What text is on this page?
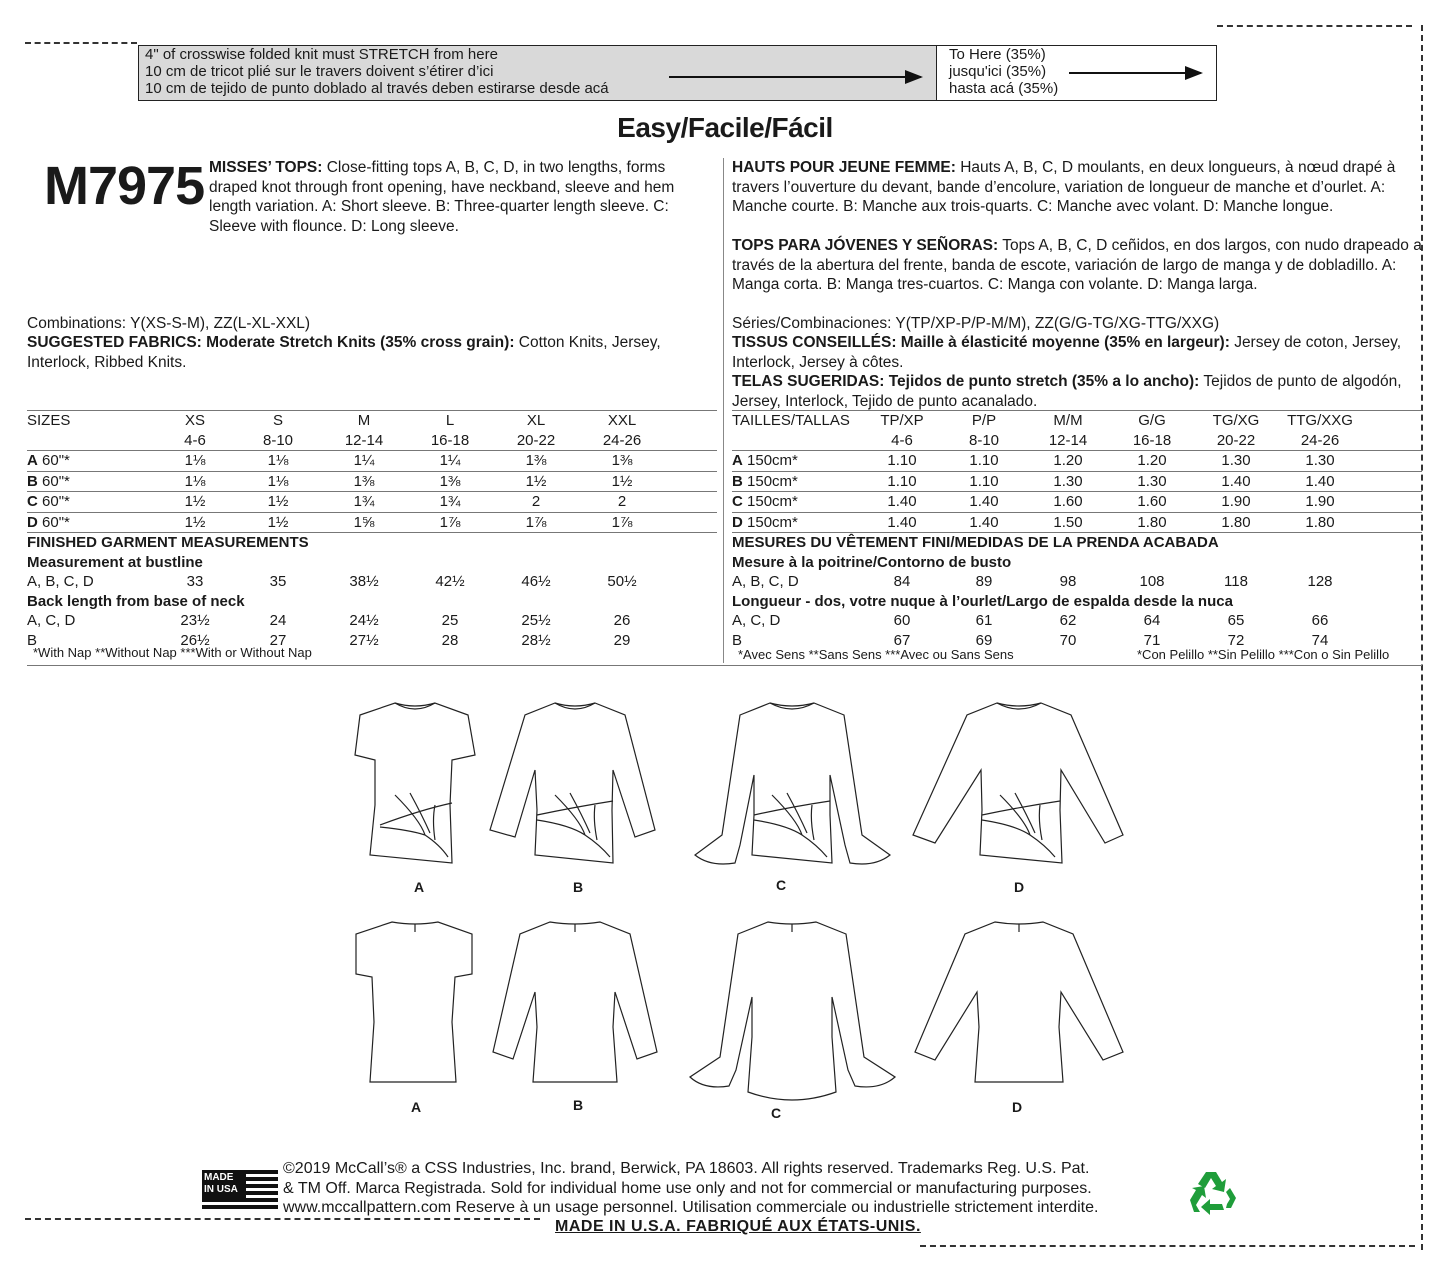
4" of crosswise folded knit must STRETCH from here
10 cm de tricot plié sur le travers doivent s’étirer d’ici
10 cm de tejido de punto doblado al través deben estirarse desde acá
To Here (35%)
jusqu'ici (35%)
hasta acá (35%)
Easy/Facile/Fácil
M7975 MISSES’ TOPS: Close-fitting tops A, B, C, D, in two lengths, forms draped knot through front opening, have neckband, sleeve and hem length variation. A: Short sleeve. B: Three-quarter length sleeve. C: Sleeve with flounce. D: Long sleeve.
HAUTS POUR JEUNE FEMME: Hauts A, B, C, D moulants, en deux longueurs, à nœud drapé à travers l’ouverture du devant, bande d’encolure, variation de longueur de manche et d’ourlet. A: Manche courte. B: Manche aux trois-quarts. C: Manche avec volant. D: Manche longue.
TOPS PARA JÓVENES Y SEÑORAS: Tops A, B, C, D ceñidos, en dos largos, con nudo drapeado a través de la abertura del frente, banda de escote, variación de largo de manga y de dobladillo. A: Manga corta. B: Manga tres-cuartos. C: Manga con volante. D: Manga larga.
Combinations: Y(XS-S-M), ZZ(L-XL-XXL)
SUGGESTED FABRICS: Moderate Stretch Knits (35% cross grain): Cotton Knits, Jersey, Interlock, Ribbed Knits.
Séries/Combinaciones: Y(TP/XP-P/P-M/M), ZZ(G/G-TG/XG-TTG/XXG)
TISSUS CONSEILLÉS: Maille à élasticité moyenne (35% en largeur): Jersey de coton, Jersey, Interlock, Jersey à côtes.
TELAS SUGERIDAS: Tejidos de punto stretch (35% a lo ancho): Tejidos de punto de algodón, Jersey, Interlock, Tejido de punto acanalado.
SIZES	XS	S	M	L	XL	XXL	
	4-6	8-10	12-14	16-18	20-22	24-26	
A 60"*	1⅛	1⅛	1¼	1¼	1⅜	1⅜	
B 60"*	1⅛	1⅛	1⅜	1⅜	1½	1½	
C 60"*	1½	1½	1¾	1¾	2	2	
D 60"*	1½	1½	1⅝	1⅞	1⅞	1⅞	
FINISHED GARMENT MEASUREMENTS							
Measurement at bustline							
A, B, C, D	33	35	38½	42½	46½	50½	
Back length from base of neck							
A, C, D	23½	24	24½	25	25½	26	
B	26½	27	27½	28	28½	29	
*With Nap **Without Nap ***With or Without Nap
TAILLES/TALLAS	TP/XP	P/P	M/M	G/G	TG/XG	TTG/XXG	
	4-6	8-10	12-14	16-18	20-22	24-26	
A 150cm*	1.10	1.10	1.20	1.20	1.30	1.30	
B 150cm*	1.10	1.10	1.30	1.30	1.40	1.40	
C 150cm*	1.40	1.40	1.60	1.60	1.90	1.90	
D 150cm*	1.40	1.40	1.50	1.80	1.80	1.80	
MESURES DU VÊTEMENT FINI/MEDIDAS DE LA PRENDA ACABADA							
Mesure à la poitrine/Contorno de busto							
A, B, C, D	84	89	98	108	118	128	
Longueur - dos, votre nuque à l’ourlet/Largo de espalda desde la nuca							
A, C, D	60	61	62	64	65	66	
B	67	69	70	71	72	74	
*Avec Sens **Sans Sens ***Avec ou Sans Sens	*Con Pelillo **Sin Pelillo ***Con o Sin Pelillo
A	B	C	D
A	B	C	D
MADE IN USA
©2019 McCall’s® a CSS Industries, Inc. brand, Berwick, PA 18603. All rights reserved. Trademarks Reg. U.S. Pat.
& TM Off. Marca Registrada. Sold for individual home use only and not for commercial or manufacturing purposes.
www.mccallpattern.com Reserve à un usage personnel. Utilisation commerciale ou industrielle strictement interdite.
MADE IN U.S.A. FABRIQUÉ AUX ÉTATS-UNIS.
